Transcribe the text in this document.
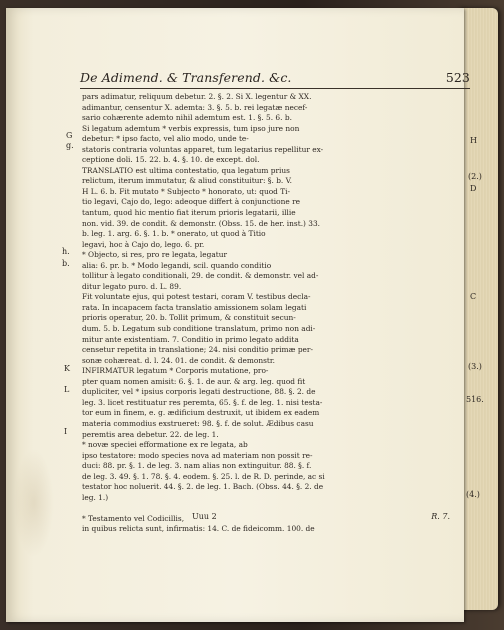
De Adimend. & Transferend. &c.	523
pars adimatur, reliquum debetur. 2. §. 2. Si X. legentur & XX.
adimantur, censentur X. ademta: 3. §. 5. b. rei legatæ necef-
sario cohærente ademto nihil ademtum est. 1. §. 5. 6. b.
Si legatum ademtum * verbis expressis, tum ipso jure non
debetur: * ipso facto, vel alio modo, unde te-
statoris contraria voluntas apparet, tum legatarius repellitur ex-
ceptione doli. 15. 22. b. 4. §. 10. de except. dol.
TRANSLATIO est ultima contestatio, qua legatum prius
relictum, iterum immutatur, & aliud constituitur: §. b. V.
H L. 6. b. Fit mutato * Subjecto * honorato, ut: quod Ti-
tio legavi, Cajo do, lego: adeoque differt à conjunctione re
tantum, quod hic mentio fiat iterum prioris legatarii, illie
non. vid. 39. de condit. & demonstr. (Obss. 15. de her. inst.) 33.
b. leg. 1. arg. 6. §. 1. b. * onerato, ut quod à Titio
legavi, hoc à Cajo do, lego. 6. pr.
* Objecto, si res, pro re legata, legatur
alia: 6. pr. b. * Modo legandi, scil. quando conditio
tollitur à legato conditionali, 29. de condit. & demonstr. vel ad-
ditur legato puro. d. L. 89.
Fit voluntate ejus, qui potest testari, coram V. testibus decla-
rata. In incapacem facta translatio amissionem solam legati
prioris operatur, 20. b. Tollit primum, & constituit secun-
dum. 5. b. Legatum sub conditione translatum, primo non adi-
mitur ante existentiam. 7. Conditio in primo legato addita
censetur repetita in translatione; 24. nisi conditio primæ per-
sonæ cohæreat. d. l. 24. 01. de condit. & demonstr.
INFIRMATUR legatum * Corporis mutatione, pro-
pter quam nomen amisit: 6. §. 1. de aur. & arg. leg. quod fit
dupliciter, vel * ipsius corporis legati destructione, 88. §. 2. de
leg. 3. licet restituatur res peremta, 65. §. f. de leg. 1. nisi testa-
tor eum in finem, e. g. ædificium destruxit, ut ibidem ex eadem
materia commodius exstrueret: 98. §. f. de solut. Ædibus casu
peremtis area debetur. 22. de leg. 1.
* novæ speciei efformatione ex re legata, ab
ipso testatore: modo species nova ad materiam non possit re-
duci: 88. pr. §. 1. de leg. 3. nam alias non extinguitur. 88. §. f.
de leg. 3. 49. §. 1. 78. §. 4. eodem. §. 25. l. de R. D. perinde, ac si
testator hoc noluerit. 44. §. 2. de leg. 1. Bach. (Obss. 44. §. 2. de
leg. 1.)
* Testamento vel Codicillis,
in quibus relicta sunt, infirmatis: 14. C. de fideicomm. 100. de
G
g.
H
(2.)
D
h.
b.
C
K	(3.)
L
516.
I
(4.)
Uuu 2	R. 7.
